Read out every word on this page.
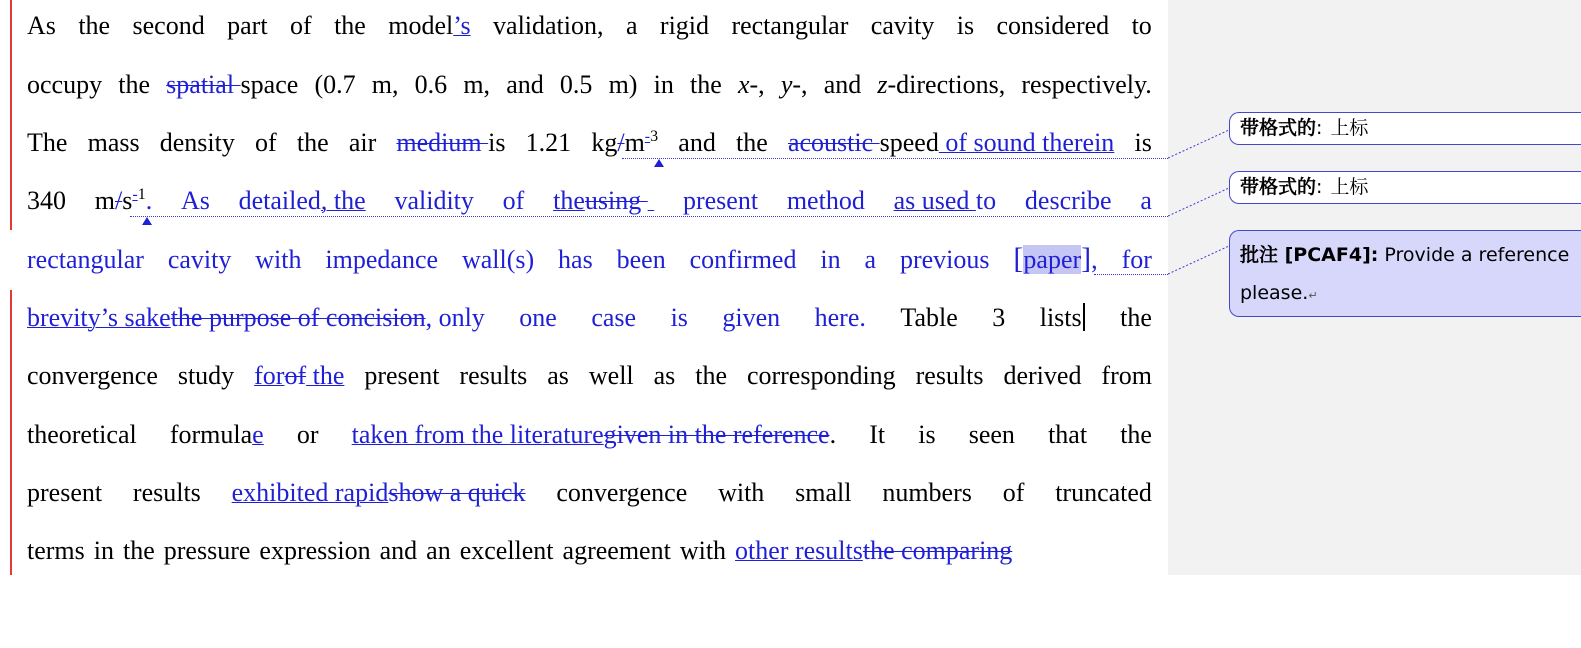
As the second part of the model’s validation, a rigid rectangular cavity is considered to
occupy the spatial space (0.7 m, 0.6 m, and 0.5 m) in the x-, y-, and z-directions, respectively.
The mass density of the air medium is 1.21 $kg/m^{-3}$ and the acoustic speed of sound therein is
340 $m/s^{-1}$. As detailed, the validity of theusing present method as used to describe a
rectangular cavity with impedance wall(s) has been confirmed in a previous [paper], for
brevity’s sakethe purpose of concision, only one case is given here. Table 3 lists the
convergence study forof the present results as well as the corresponding results derived from
theoretical formulae or taken from the literaturegiven in the reference. It is seen that the
present results exhibited rapidshow a quick convergence with small numbers of truncated
terms in the pressure expression and an excellent agreement with other resultsthe comparing
带格式的: 上标
带格式的: 上标
批注 [PCAF4]: Provide a reference
please.↵
